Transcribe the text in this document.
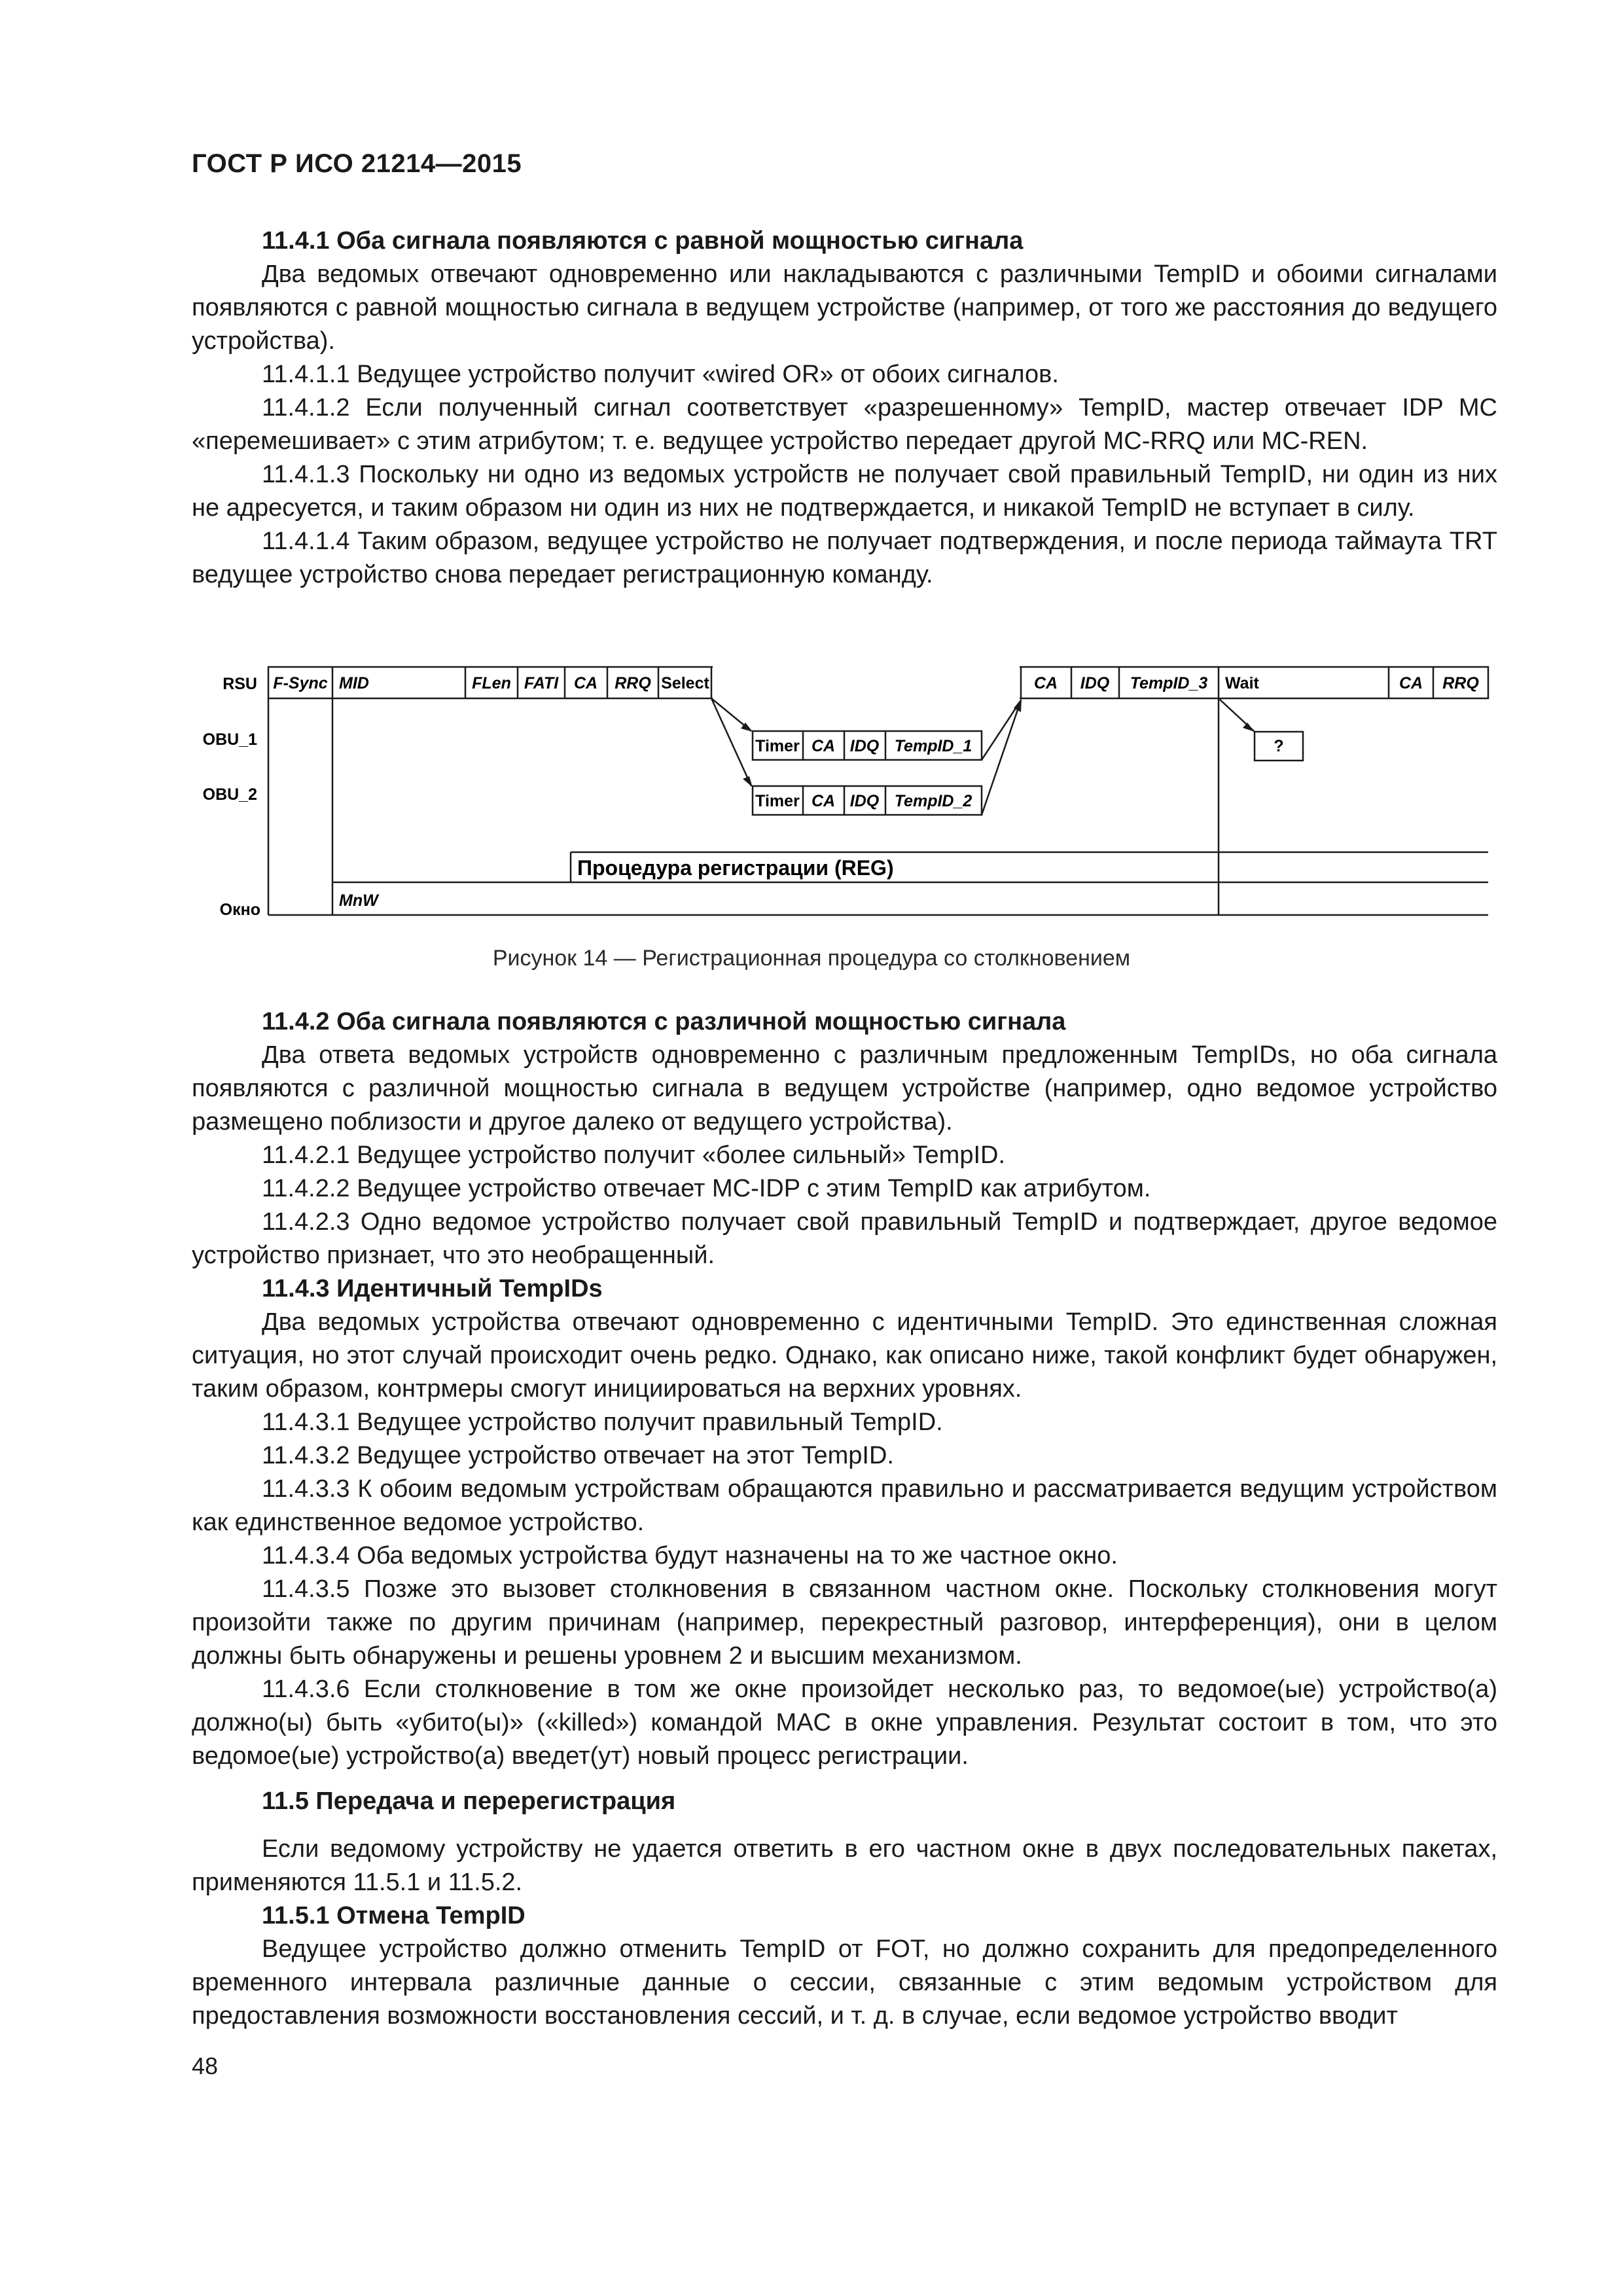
ГОСТ Р ИСО 21214—2015

11.4.1 Оба сигнала появляются с равной мощностью сигнала

Два ведомых отвечают одновременно или накладываются с различными TempID и обоими сигналами появляются с равной мощностью сигнала в ведущем устройстве (например, от того же расстояния до ведущего устройства).

11.4.1.1 Ведущее устройство получит «wired OR» от обоих сигналов.

11.4.1.2 Если полученный сигнал соответствует «разрешенному» TempID, мастер отвечает IDP MC «перемешивает» с этим атрибутом; т. е. ведущее устройство передает другой MC-RRQ или MC-REN.

11.4.1.3 Поскольку ни одно из ведомых устройств не получает свой правильный TempID, ни один из них не адресуется, и таким образом ни один из них не подтверждается, и никакой TempID не вступает в силу.

11.4.1.4 Таким образом, ведущее устройство не получает подтверждения, и после периода таймаута TRT ведущее устройство снова передает регистрационную команду.

RSU
OBU_1
OBU_2
Окно
F-Sync MID	FLen FATI CA RRQ Select	CA IDQ TempID_3 Wait	CA RRQ
Timer CA IDQ TempID_1
Timer CA IDQ TempID_2
?
Процедура регистрации (REG)
MnW
Рисунок 14 — Регистрационная процедура со столкновением

11.4.2 Оба сигнала появляются с различной мощностью сигнала

Два ответа ведомых устройств одновременно с различным предложенным TempIDs, но оба сигнала появляются с различной мощностью сигнала в ведущем устройстве (например, одно ведомое устройство размещено поблизости и другое далеко от ведущего устройства).

11.4.2.1 Ведущее устройство получит «более сильный» TempID.

11.4.2.2 Ведущее устройство отвечает MC-IDP с этим TempID как атрибутом.

11.4.2.3 Одно ведомое устройство получает свой правильный TempID и подтверждает, другое ведомое устройство признает, что это необращенный.

11.4.3 Идентичный TempIDs

Два ведомых устройства отвечают одновременно с идентичными TempID. Это единственная сложная ситуация, но этот случай происходит очень редко. Однако, как описано ниже, такой конфликт будет обнаружен, таким образом, контрмеры смогут инициироваться на верхних уровнях.

11.4.3.1 Ведущее устройство получит правильный TempID.

11.4.3.2 Ведущее устройство отвечает на этот TempID.

11.4.3.3 К обоим ведомым устройствам обращаются правильно и рассматривается ведущим устройством как единственное ведомое устройство.

11.4.3.4 Оба ведомых устройства будут назначены на то же частное окно.

11.4.3.5 Позже это вызовет столкновения в связанном частном окне. Поскольку столкновения могут произойти также по другим причинам (например, перекрестный разговор, интерференция), они в целом должны быть обнаружены и решены уровнем 2 и высшим механизмом.

11.4.3.6 Если столкновение в том же окне произойдет несколько раз, то ведомое(ые) устройство(а) должно(ы) быть «убито(ы)» («killed») командой MAC в окне управления. Результат состоит в том, что это ведомое(ые) устройство(а) введет(ут) новый процесс регистрации.

11.5 Передача и перерегистрация

Если ведомому устройству не удается ответить в его частном окне в двух последовательных пакетах, применяются 11.5.1 и 11.5.2.

11.5.1 Отмена TempID

Ведущее устройство должно отменить TempID от FOT, но должно сохранить для предопределенного временного интервала различные данные о сессии, связанные с этим ведомым устройством для предоставления возможности восстановления сессий, и т. д. в случае, если ведомое устройство вводит

48
